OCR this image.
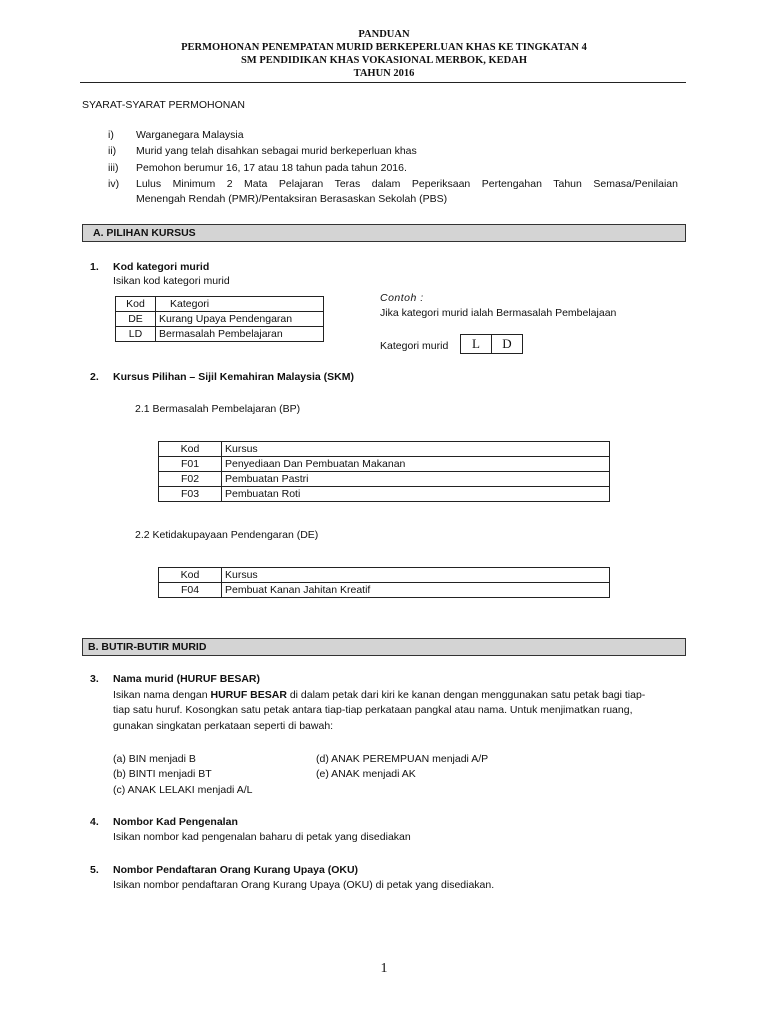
PANDUAN
PERMOHONAN PENEMPATAN MURID BERKEPERLUAN KHAS KE TINGKATAN 4
SM PENDIDIKAN KHAS VOKASIONAL MERBOK, KEDAH
TAHUN 2016
SYARAT-SYARAT PERMOHONAN
i) Warganegara Malaysia
ii) Murid yang telah disahkan sebagai murid berkeperluan khas
iii) Pemohon berumur 16, 17 atau 18 tahun pada tahun 2016.
iv) Lulus Minimum 2 Mata Pelajaran Teras dalam Peperiksaan Pertengahan Tahun Semasa/Penilaian
Menengah Rendah (PMR)/Pentaksiran Berasaskan Sekolah (PBS)
A. PILIHAN KURSUS
1. Kod kategori murid
Isikan kod kategori murid
Kod	Kategori
DE	Kurang Upaya Pendengaran
LD	Bermasalah Pembelajaran
Contoh :
Jika kategori murid ialah Bermasalah Pembelajaan
Kategori murid	L	D
2. Kursus Pilihan – Sijil Kemahiran Malaysia (SKM)
2.1 Bermasalah Pembelajaran (BP)
Kod	Kursus
F01	Penyediaan Dan Pembuatan Makanan
F02	Pembuatan Pastri
F03	Pembuatan Roti
2.2 Ketidakupayaan Pendengaran (DE)
Kod	Kursus
F04	Pembuat Kanan Jahitan Kreatif
B. BUTIR-BUTIR MURID
3. Nama murid (HURUF BESAR)
Isikan nama dengan HURUF BESAR di dalam petak dari kiri ke kanan dengan menggunakan satu petak bagi tiap-
tiap satu huruf. Kosongkan satu petak antara tiap-tiap perkataan pangkal atau nama. Untuk menjimatkan ruang,
gunakan singkatan perkataan seperti di bawah:
(a) BIN menjadi B
(b) BINTI menjadi BT
(c) ANAK LELAKI menjadi A/L
(d) ANAK PEREMPUAN menjadi A/P
(e) ANAK menjadi AK
4. Nombor Kad Pengenalan
Isikan nombor kad pengenalan baharu di petak yang disediakan
5. Nombor Pendaftaran Orang Kurang Upaya (OKU)
Isikan nombor pendaftaran Orang Kurang Upaya (OKU) di petak yang disediakan.
1
